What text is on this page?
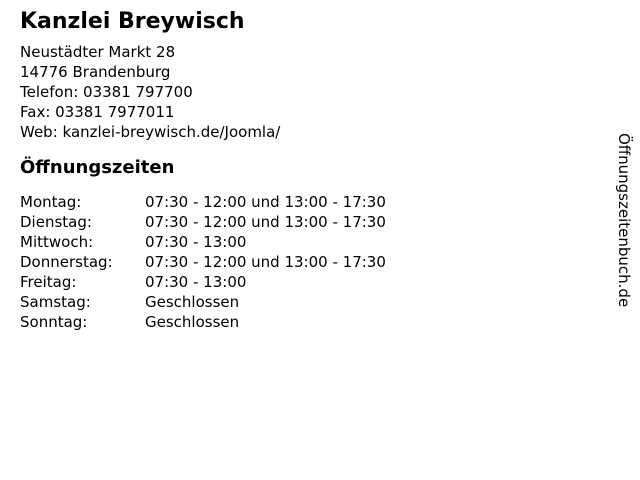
Kanzlei Breywisch
Neustädter Markt 28
14776 Brandenburg
Telefon: 03381 797700
Fax: 03381 7977011
Web: kanzlei-breywisch.de/Joomla/
Öffnungszeiten
Montag:	07:30 - 12:00 und 13:00 - 17:30
Dienstag:	07:30 - 12:00 und 13:00 - 17:30
Mittwoch:	07:30 - 13:00
Donnerstag:	07:30 - 12:00 und 13:00 - 17:30
Freitag:	07:30 - 13:00
Samstag:	Geschlossen
Sonntag:	Geschlossen
Öffnungszeitenbuch.de
